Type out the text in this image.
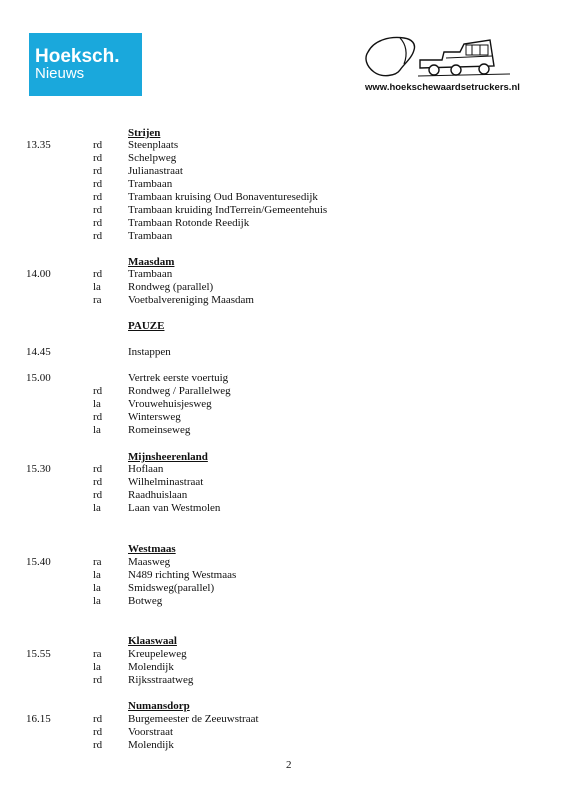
Hoeksch.
Nieuws
www.hoekschewaardsetruckers.nl
Strijen
13.35	rd Steenplaats
rd Schelpweg
rd Julianastraat
rd Trambaan
rd Trambaan kruising Oud Bonaventuresedijk
rd Trambaan kruiding IndTerrein/Gemeentehuis
rd Trambaan Rotonde Reedijk
rd Trambaan
Maasdam
14.00	rd Trambaan
la Rondweg (parallel)
ra Voetbalvereniging Maasdam
PAUZE
14.45	Instappen
15.00	Vertrek eerste voertuig
rd Rondweg / Parallelweg
la Vrouwehuisjesweg
rd Wintersweg
la Romeinseweg
Mijnsheerenland
15.30	rd Hoflaan
rd Wilhelminastraat
rd Raadhuislaan
la Laan van Westmolen
Westmaas
15.40	ra Maasweg
la N489 richting Westmaas
la Smidsweg(parallel)
la Botweg
Klaaswaal
15.55	ra Kreupeleweg
la Molendijk
rd Rijksstraatweg
Numansdorp
16.15	rd Burgemeester de Zeeuwstraat
rd Voorstraat
rd Molendijk
2
